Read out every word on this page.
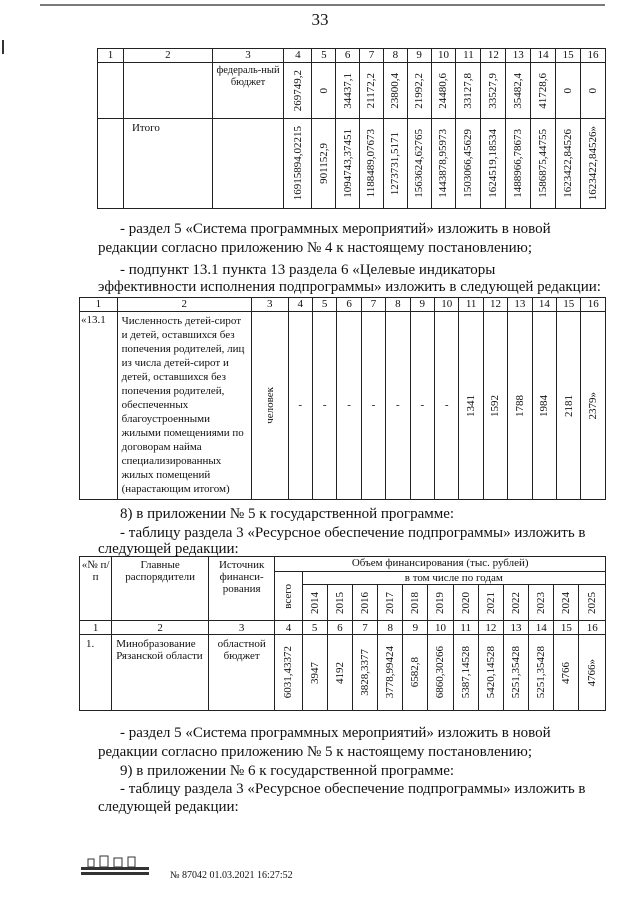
33
1	2	3	4	5	6	7	8	9	10	11	12	13	14	15	16
		федераль-ный бюджет	269749,2	0	34437,1	21172,2	23800,4	21992,2	24480,6	33127,8	33527,9	35482,4	41728,6	0	0

	Итого		16915894,02215	901152,9	1094743,37451	1188489,07673	1273731,5171	1563624,62765	1443878,95973	1503066,45629	1624519,18534	1488966,78673	1586875,44755	1623422,84526	1623422,84526»
- раздел 5 «Система программных мероприятий» изложить в новой
редакции согласно приложению № 4 к настоящему постановлению;
- подпункт 13.1 пункта 13 раздела 6 «Целевые индикаторы
эффективности исполнения подпрограммы» изложить в следующей редакции:
1	2	3	4	5	6	7	8	9	10	11	12	13	14	15	16
«13.1	Численность детей-сирот и детей, оставшихся без попечения родителей, лиц из числа детей-сирот и детей, оставшихся без попечения родителей, обеспеченных благоустроенными жилыми помещениями по договорам найма специализированных жилых помещений (нарастающим итогом)	человек	-	-	-	-	-	-	-	1341	1592	1788	1984	2181	2379»
8) в приложении № 5 к государственной программе:
- таблицу раздела 3 «Ресурсное обеспечение подпрограммы» изложить в
следующей редакции:
«№ п/п	Главные распорядители	Источник финанси-рования	Объем финансирования (тыс. рублей)												

			всего	в том числе по годам											

				2014	2015	2016	2017	2018	2019	2020	2021	2022	2023	2024	2025

1	2	3	4	5	6	7	8	9	10	11	12	13	14	15	16
1.	Минобразование Рязанской области	областной бюджет	6031,43372	3947	4192	3828,3377	3778,99424	6582,8	6860,30266	5387,14528	5420,14528	5251,35428	5251,35428	4766	4766»
- раздел 5 «Система программных мероприятий» изложить в новой
редакции согласно приложению № 5 к настоящему постановлению;
9) в приложении № 6 к государственной программе:
- таблицу раздела 3 «Ресурсное обеспечение подпрограммы» изложить в
следующей редакции:
№ 87042 01.03.2021 16:27:52
